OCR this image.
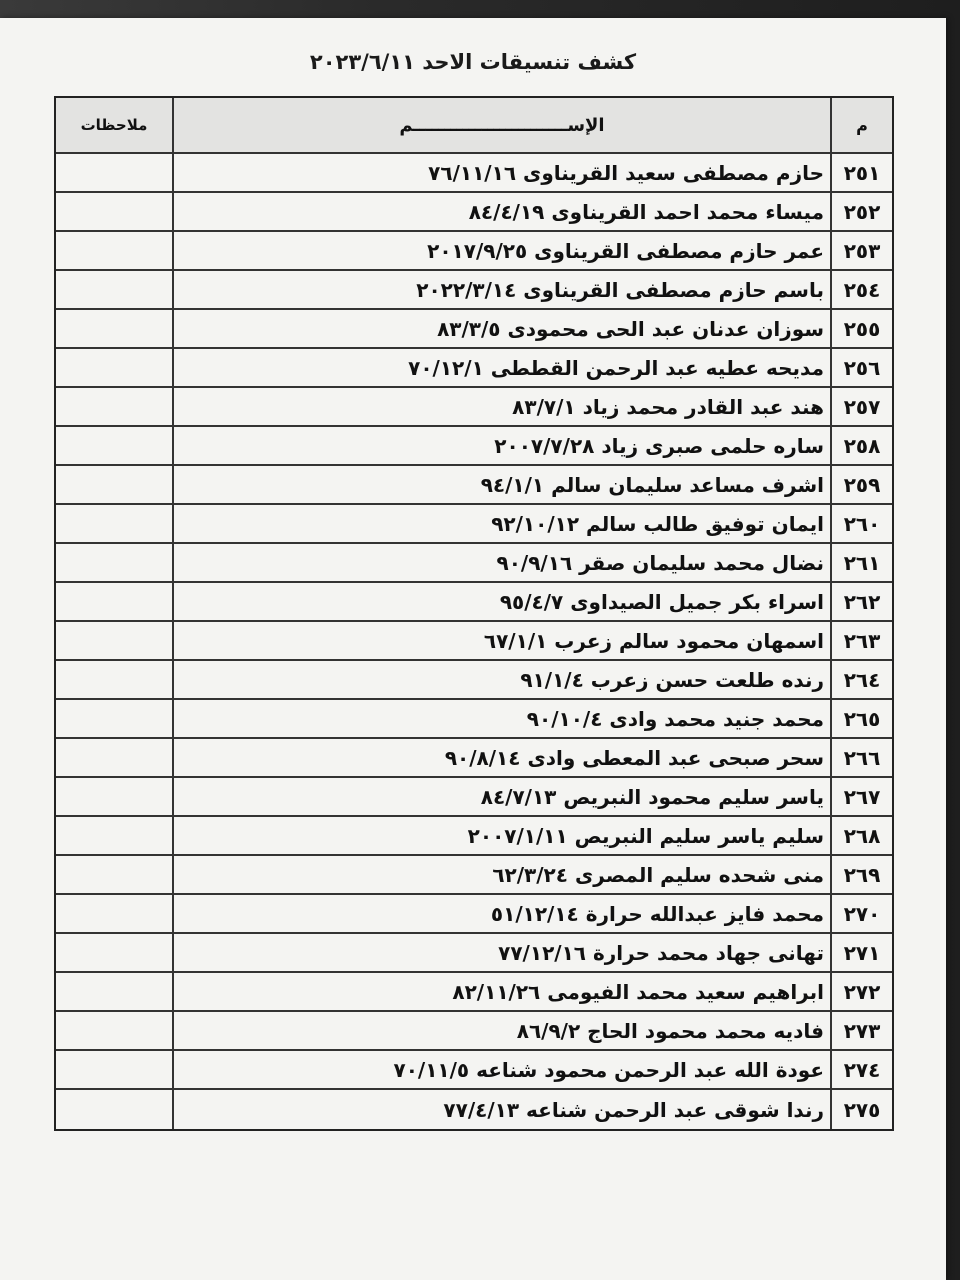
كشف تنسيقات الاحد ٢٠٢٣/٦/١١
م
الإســـــــــــــــــــــــــم
ملاحظات
٢٥١
حازم مصطفى سعيد القريناوى ٧٦/١١/١٦
٢٥٢
ميساء محمد احمد القريناوى ٨٤/٤/١٩
٢٥٣
عمر حازم مصطفى القريناوى ٢٠١٧/٩/٢٥
٢٥٤
باسم حازم مصطفى القريناوى ٢٠٢٢/٣/١٤
٢٥٥
سوزان عدنان عبد الحى محمودى ٨٣/٣/٥
٢٥٦
مديحه عطيه عبد الرحمن القططى ٧٠/١٢/١
٢٥٧
هند عبد القادر محمد زياد ٨٣/٧/١
٢٥٨
ساره حلمى صبرى زياد ٢٠٠٧/٧/٢٨
٢٥٩
اشرف مساعد سليمان سالم ٩٤/١/١
٢٦٠
ايمان توفيق طالب سالم ٩٢/١٠/١٢
٢٦١
نضال محمد سليمان صقر ٩٠/٩/١٦
٢٦٢
اسراء بكر جميل الصيداوى ٩٥/٤/٧
٢٦٣
اسمهان محمود سالم زعرب ٦٧/١/١
٢٦٤
رنده طلعت حسن زعرب ٩١/١/٤
٢٦٥
محمد جنيد محمد وادى ٩٠/١٠/٤
٢٦٦
سحر صبحى عبد المعطى وادى ٩٠/٨/١٤
٢٦٧
ياسر سليم محمود النبريص ٨٤/٧/١٣
٢٦٨
سليم ياسر سليم النبريص ٢٠٠٧/١/١١
٢٦٩
منى شحده سليم المصرى ٦٢/٣/٢٤
٢٧٠
محمد فايز عبدالله حرارة ٥١/١٢/١٤
٢٧١
تهانى جهاد محمد حرارة ٧٧/١٢/١٦
٢٧٢
ابراهيم سعيد محمد الفيومى ٨٢/١١/٢٦
٢٧٣
فاديه محمد محمود الحاج ٨٦/٩/٢
٢٧٤
عودة الله عبد الرحمن محمود شناعه ٧٠/١١/٥
٢٧٥
رندا شوقى عبد الرحمن شناعه ٧٧/٤/١٣
